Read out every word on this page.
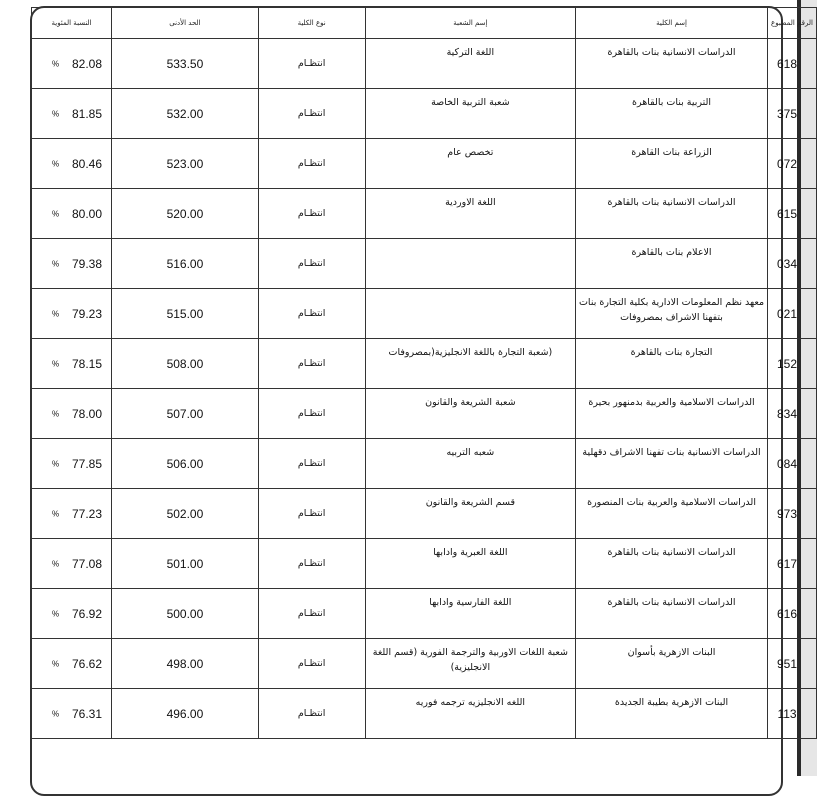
النسبة المئوية	الحد الأدنى	نوع الكلية	إسم الشعبة	إسم الكلية	الرقم المطبوع

% 82.08	533.50	انتظـام	اللغة التركية	الدراسات الانسانية بنات بالقاهرة	618

% 81.85	532.00	انتظـام	شعبة التربية الخاصة	التربية بنات بالقاهرة	375

% 80.46	523.00	انتظـام	تخصص عام	الزراعة بنات القاهرة	072

% 80.00	520.00	انتظـام	اللغة الاوردية	الدراسات الانسانية بنات بالقاهرة	615

% 79.38	516.00	انتظـام		الاعلام بنات بالقاهرة	034

% 79.23	515.00	انتظـام		معهد نظم المعلومات الادارية بكلية التجارة بنات بتفهنا الاشراف بمصروفات	021

% 78.15	508.00	انتظـام	(شعبة التجارة باللغة الانجليزية(بمصروفات	التجارة بنات بالقاهرة	152

% 78.00	507.00	انتظـام	شعبة الشريعة والقانون	الدراسات الاسلامية والعربية بدمنهور بحيرة	834

% 77.85	506.00	انتظـام	شعبه التربيه	الدراسات الانسانية بنات تفهنا الاشراف دقهلية	084

% 77.23	502.00	انتظـام	قسم الشريعة والقانون	الدراسات الاسلامية والعربية بنات المنصورة	973

% 77.08	501.00	انتظـام	اللغة العبرية وادابها	الدراسات الانسانية بنات بالقاهرة	617

% 76.92	500.00	انتظـام	اللغة الفارسية وادابها	الدراسات الانسانية بنات بالقاهرة	616

% 76.62	498.00	انتظـام	شعبة اللغات الاوربية والترجمة الفورية (قسم اللغة الانجليزية)	البنات الازهرية بأسوان	951

% 76.31	496.00	انتظـام	اللغه الانجليزيه ترجمه فوريه	البنات الازهرية بطيبة الجديدة	113
